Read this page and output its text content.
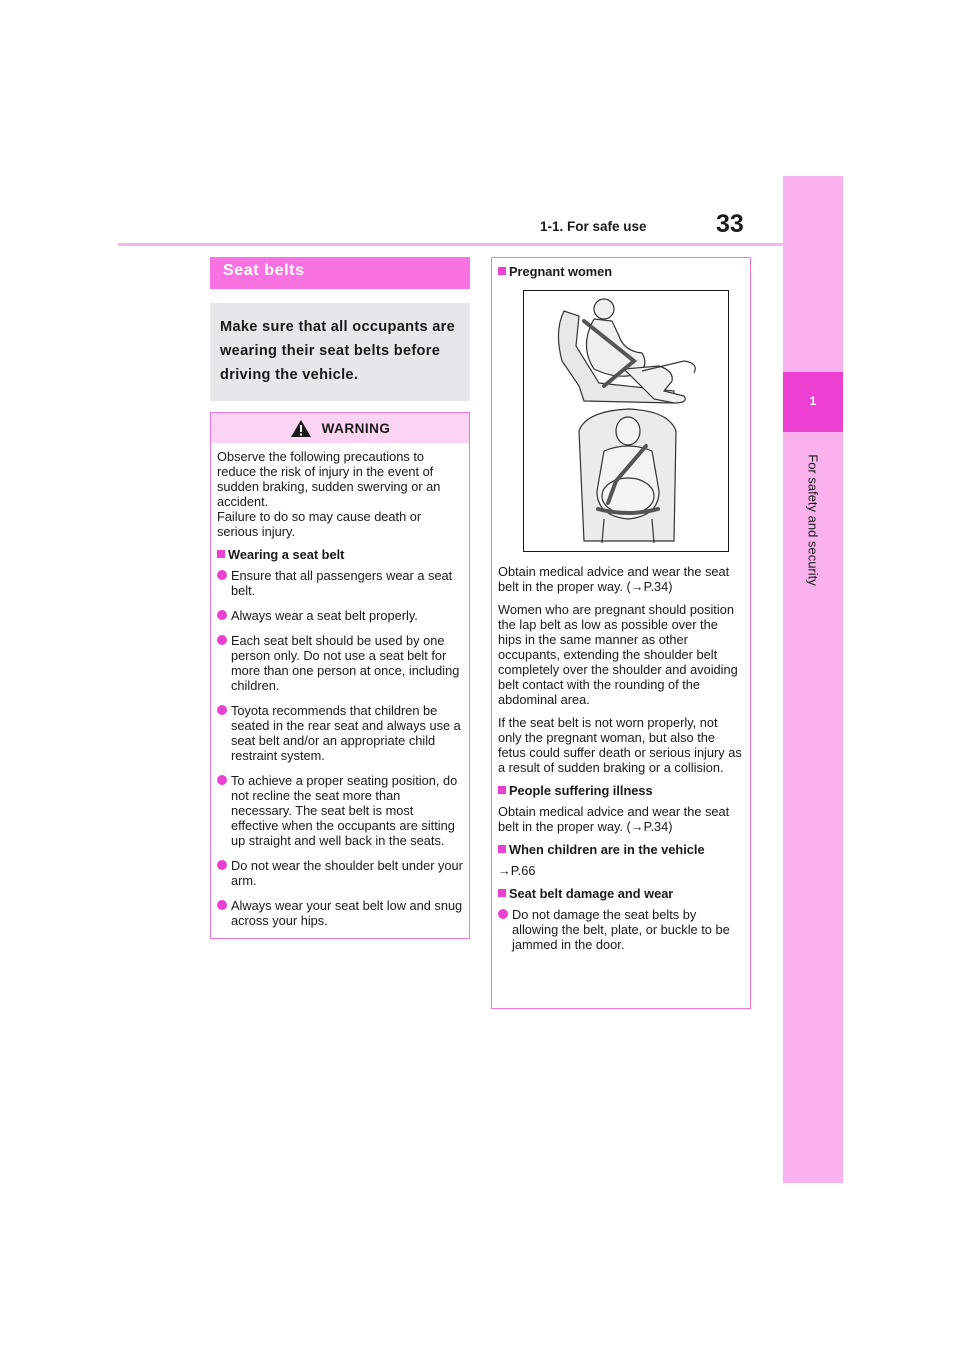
1-1. For safe use	33
1
For safety and security
Seat belts
Make sure that all occupants are wearing their seat belts before driving the vehicle.
WARNING

Observe the following precautions to reduce the risk of injury in the event of sudden braking, sudden swerving or an accident.
Failure to do so may cause death or serious injury.

Wearing a seat belt
Ensure that all passengers wear a seat belt.
Always wear a seat belt properly.
Each seat belt should be used by one person only. Do not use a seat belt for more than one person at once, including children.
Toyota recommends that children be seated in the rear seat and always use a seat belt and/or an appropriate child restraint system.
To achieve a proper seating position, do not recline the seat more than necessary. The seat belt is most effective when the occupants are sitting up straight and well back in the seats.
Do not wear the shoulder belt under your arm.
Always wear your seat belt low and snug across your hips.
Pregnant women

Obtain medical advice and wear the seat belt in the proper way. (→P.34)

Women who are pregnant should position the lap belt as low as possible over the hips in the same manner as other occupants, extending the shoulder belt completely over the shoulder and avoiding belt contact with the rounding of the abdominal area.

If the seat belt is not worn properly, not only the pregnant woman, but also the fetus could suffer death or serious injury as a result of sudden braking or a collision.

People suffering illness

Obtain medical advice and wear the seat belt in the proper way. (→P.34)

When children are in the vehicle

→P.66

Seat belt damage and wear
Do not damage the seat belts by allowing the belt, plate, or buckle to be jammed in the door.
